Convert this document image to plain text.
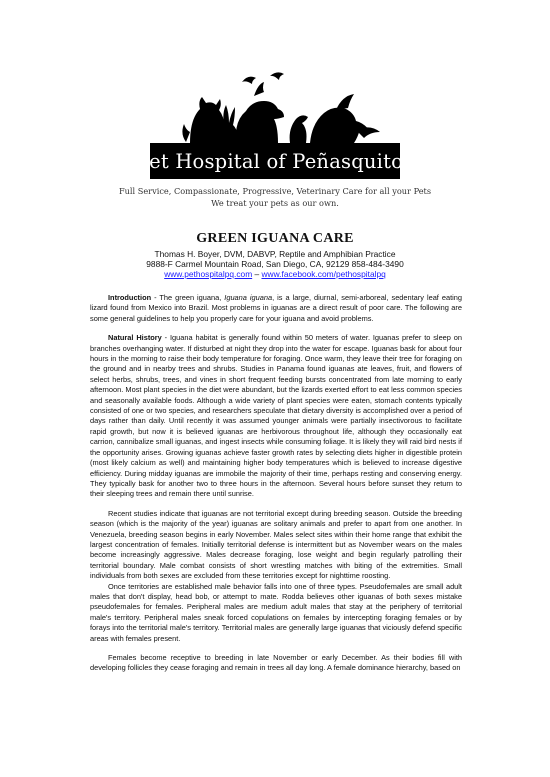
Pet Hospital of Peñasquitos
Full Service, Compassionate, Progressive, Veterinary Care for all your Pets
We treat your pets as our own.
GREEN IGUANA CARE
Thomas H. Boyer, DVM, DABVP, Reptile and Amphibian Practice
9888-F Carmel Mountain Road, San Diego, CA, 92129 858-484-3490
www.pethospitalpq.com – www.facebook.com/pethospitalpq

Introduction - The green iguana, Iguana iguana, is a large, diurnal, semi-arboreal, sedentary leaf eating lizard found from Mexico into Brazil. Most problems in iguanas are a direct result of poor care. The following are some general guidelines to help you properly care for your iguana and avoid problems.

Natural History - Iguana habitat is generally found within 50 meters of water. Iguanas prefer to sleep on branches overhanging water. If disturbed at night they drop into the water for escape. Iguanas bask for about four hours in the morning to raise their body temperature for foraging. Once warm, they leave their tree for foraging on the ground and in nearby trees and shrubs. Studies in Panama found iguanas ate leaves, fruit, and flowers of select herbs, shrubs, trees, and vines in short frequent feeding bursts concentrated from late morning to early afternoon. Most plant species in the diet were abundant, but the lizards exerted effort to eat less common species and seasonally available foods. Although a wide variety of plant species were eaten, stomach contents typically consisted of one or two species, and researchers speculate that dietary diversity is accomplished over a period of days rather than daily. Until recently it was assumed younger animals were partially insectivorous to facilitate rapid growth, but now it is believed iguanas are herbivorous throughout life, although they occasionally eat carrion, cannibalize small iguanas, and ingest insects while consuming foliage. It is likely they will raid bird nests if the opportunity arises. Growing iguanas achieve faster growth rates by selecting diets higher in digestible protein (most likely calcium as well) and maintaining higher body temperatures which is believed to increase digestive efficiency. During midday iguanas are immobile the majority of their time, perhaps resting and conserving energy. They typically bask for another two to three hours in the afternoon. Several hours before sunset they return to their sleeping trees and remain there until sunrise.

Recent studies indicate that iguanas are not territorial except during breeding season. Outside the breeding season (which is the majority of the year) iguanas are solitary animals and prefer to apart from one another. In Venezuela, breeding season begins in early November. Males select sites within their home range that exhibit the largest concentration of females. Initially territorial defense is intermittent but as November wears on the males become increasingly aggressive. Males decrease foraging, lose weight and begin regularly patrolling their territorial boundary. Male combat consists of short wrestling matches with biting of the extremities. Small individuals from both sexes are excluded from these territories except for nighttime roosting.

Once territories are established male behavior falls into one of three types. Pseudofemales are small adult males that don't display, head bob, or attempt to mate. Rodda believes other iguanas of both sexes mistake pseudofemales for females. Peripheral males are medium adult males that stay at the periphery of territorial male's territory. Peripheral males sneak forced copulations on females by intercepting foraging females or by forays into the territorial male's territory. Territorial males are generally large iguanas that viciously defend specific areas with females present.

Females become receptive to breeding in late November or early December. As their bodies fill with developing follicles they cease foraging and remain in trees all day long. A female dominance hierarchy, based on
